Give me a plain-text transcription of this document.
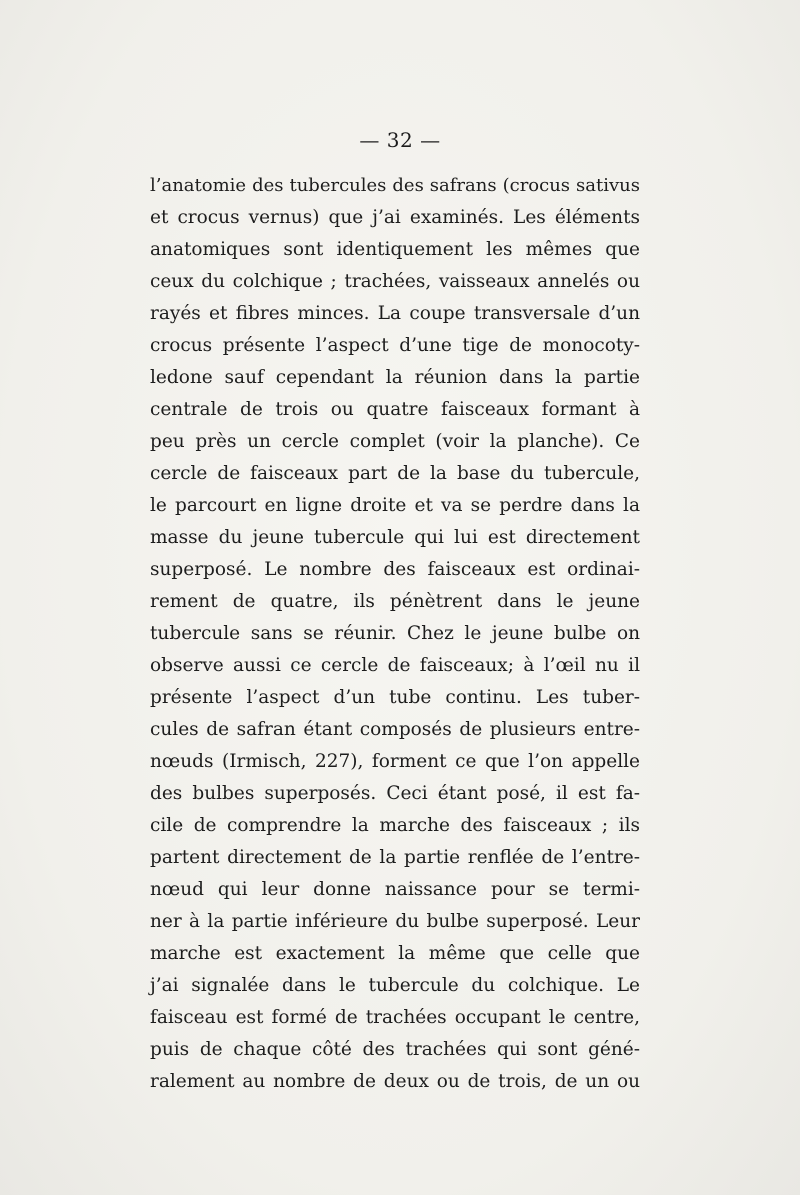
— 32 —
l’anatomie des tubercules des safrans (crocus sativus
et crocus vernus) que j’ai examinés. Les éléments
anatomiques sont identiquement les mêmes que
ceux du colchique ; trachées, vaisseaux annelés ou
rayés et fibres minces. La coupe transversale d’un
crocus présente l’aspect d’une tige de monocoty-
ledone sauf cependant la réunion dans la partie
centrale de trois ou quatre faisceaux formant à
peu près un cercle complet (voir la planche). Ce
cercle de faisceaux part de la base du tubercule,
le parcourt en ligne droite et va se perdre dans la
masse du jeune tubercule qui lui est directement
superposé. Le nombre des faisceaux est ordinai-
rement de quatre, ils pénètrent dans le jeune
tubercule sans se réunir. Chez le jeune bulbe on
observe aussi ce cercle de faisceaux; à l’œil nu il
présente l’aspect d’un tube continu. Les tuber-
cules de safran étant composés de plusieurs entre-
nœuds (Irmisch, 227), forment ce que l’on appelle
des bulbes superposés. Ceci étant posé, il est fa-
cile de comprendre la marche des faisceaux ; ils
partent directement de la partie renflée de l’entre-
nœud qui leur donne naissance pour se termi-
ner à la partie inférieure du bulbe superposé. Leur
marche est exactement la même que celle que
j’ai signalée dans le tubercule du colchique. Le
faisceau est formé de trachées occupant le centre,
puis de chaque côté des trachées qui sont géné-
ralement au nombre de deux ou de trois, de un ou
